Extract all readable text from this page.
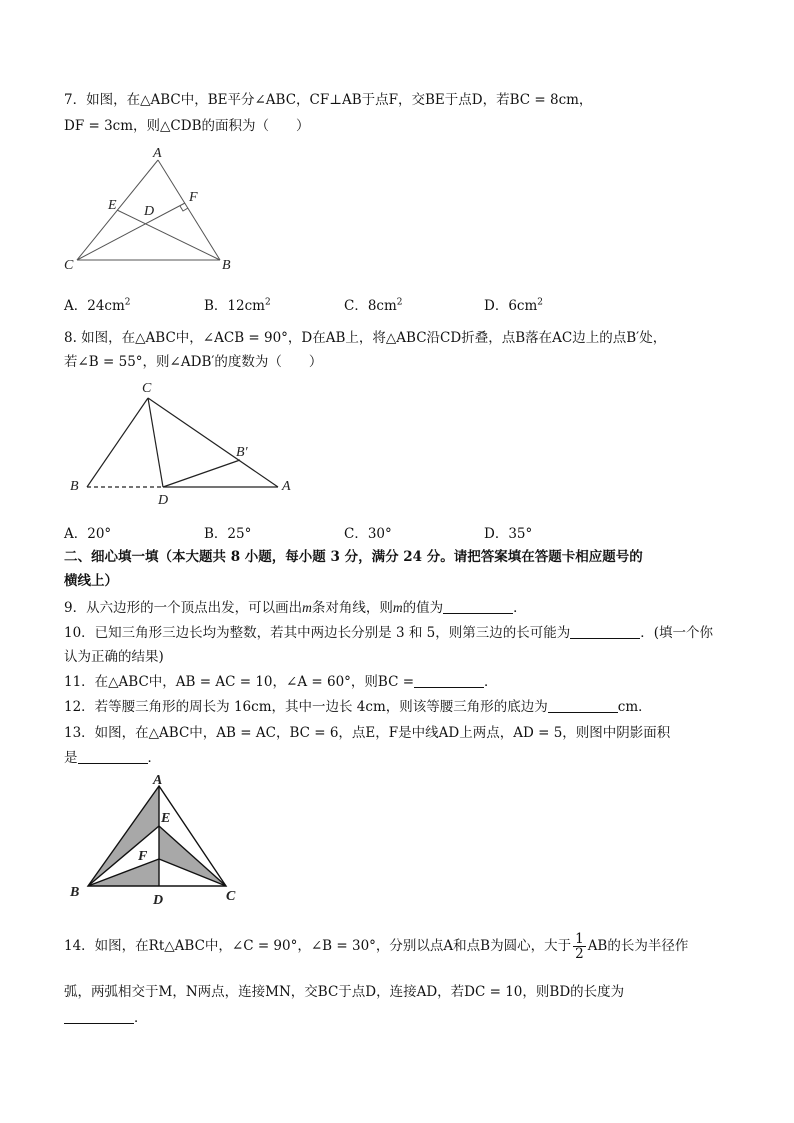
7．如图，在△ABC中，BE平分∠ABC，CF⊥AB于点F，交BE于点D，若BC = 8cm，
DF = 3cm，则△CDB的面积为（　　）
A
E D
F
C	B
A．$24cm^2$	B．$12cm^2$	C．$8cm^2$	D．$6cm^2$
8. 如图，在△ABC中，∠ACB = 90°，D在AB上，将△ABC沿CD折叠，点B落在AC边上的点B′处，
若∠B = 55°，则∠ADB′的度数为（　　）
C
B′
B
D
A
A．20°	B．25°	C．30°	D．35°
二、细心填一填（本大题共 8 小题，每小题 3 分，满分 24 分。请把答案填在答题卡相应题号的
横线上）
9．从六边形的一个顶点出发，可以画出m条对角线，则m的值为	．
10．已知三角形三边长均为整数，若其中两边长分别是 3 和 5，则第三边的长可能为	．(填一个你
认为正确的结果)
11．在△ABC中，AB = AC = 10，∠A = 60°，则BC =	．
12．若等腰三角形的周长为 16cm，其中一边长 4cm，则该等腰三角形的底边为	cm．
13．如图，在△ABC中，AB = AC，BC = 6，点E，F是中线AD上两点，AD = 5，则图中阴影面积
是	．
A
E
F
B
D	C
14．如图，在Rt△ABC中，∠C = 90°，∠B = 30°，分别以点A和点B为圆心，大于 $\frac{1}{2}$ AB的长为半径作
弧，两弧相交于M，N两点，连接MN，交BC于点D，连接AD，若DC = 10，则BD的长度为
．
